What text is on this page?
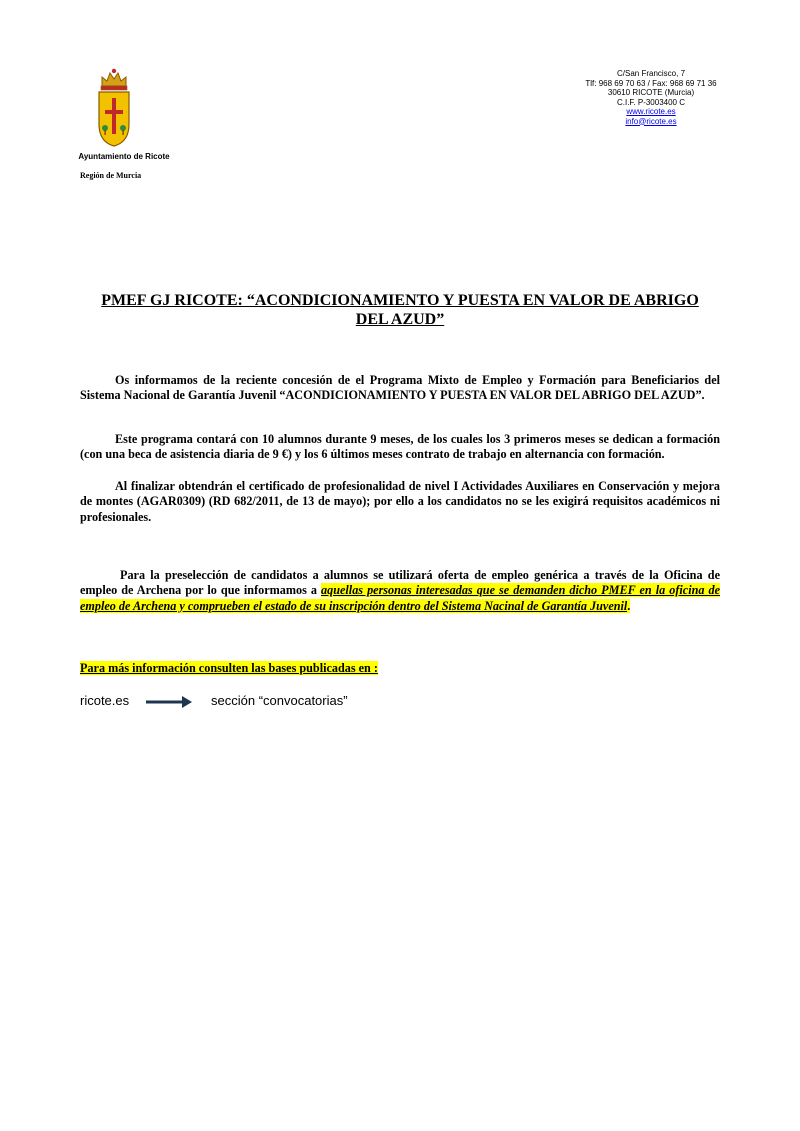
Ayuntamiento de Ricote
Región de Murcia
C/San Francisco, 7
Tlf: 968 69 70 63 / Fax: 968 69 71 36
30610 RICOTE (Murcia)
C.I.F. P-3003400 C
www.ricote.es
info@ricote.es
PMEF GJ RICOTE: “ACONDICIONAMIENTO Y PUESTA EN VALOR DE ABRIGO DEL AZUD”
Os informamos de la reciente concesión de el Programa Mixto de Empleo y Formación para Beneficiarios del Sistema Nacional de Garantía Juvenil “ACONDICIONAMIENTO Y PUESTA EN VALOR DEL ABRIGO DEL AZUD”.
Este programa contará con 10 alumnos durante 9 meses, de los cuales los 3 primeros meses se dedican a formación (con una beca de asistencia diaria de 9 €) y los 6 últimos meses contrato de trabajo en alternancia con formación.
Al finalizar obtendrán el certificado de profesionalidad de nivel I Actividades Auxiliares en Conservación y mejora de montes (AGAR0309) (RD 682/2011, de 13 de mayo); por ello a los candidatos no se les exigirá requisitos académicos ni profesionales.
Para la preselección de candidatos a alumnos se utilizará oferta de empleo genérica a través de la Oficina de empleo de Archena por lo que informamos a aquellas personas interesadas que se demanden dicho PMEF en la oficina de empleo de Archena y comprueben el estado de su inscripción dentro del Sistema Nacinal de Garantía Juvenil.
Para más información consulten las bases publicadas en :
ricote.es	sección “convocatorias”
